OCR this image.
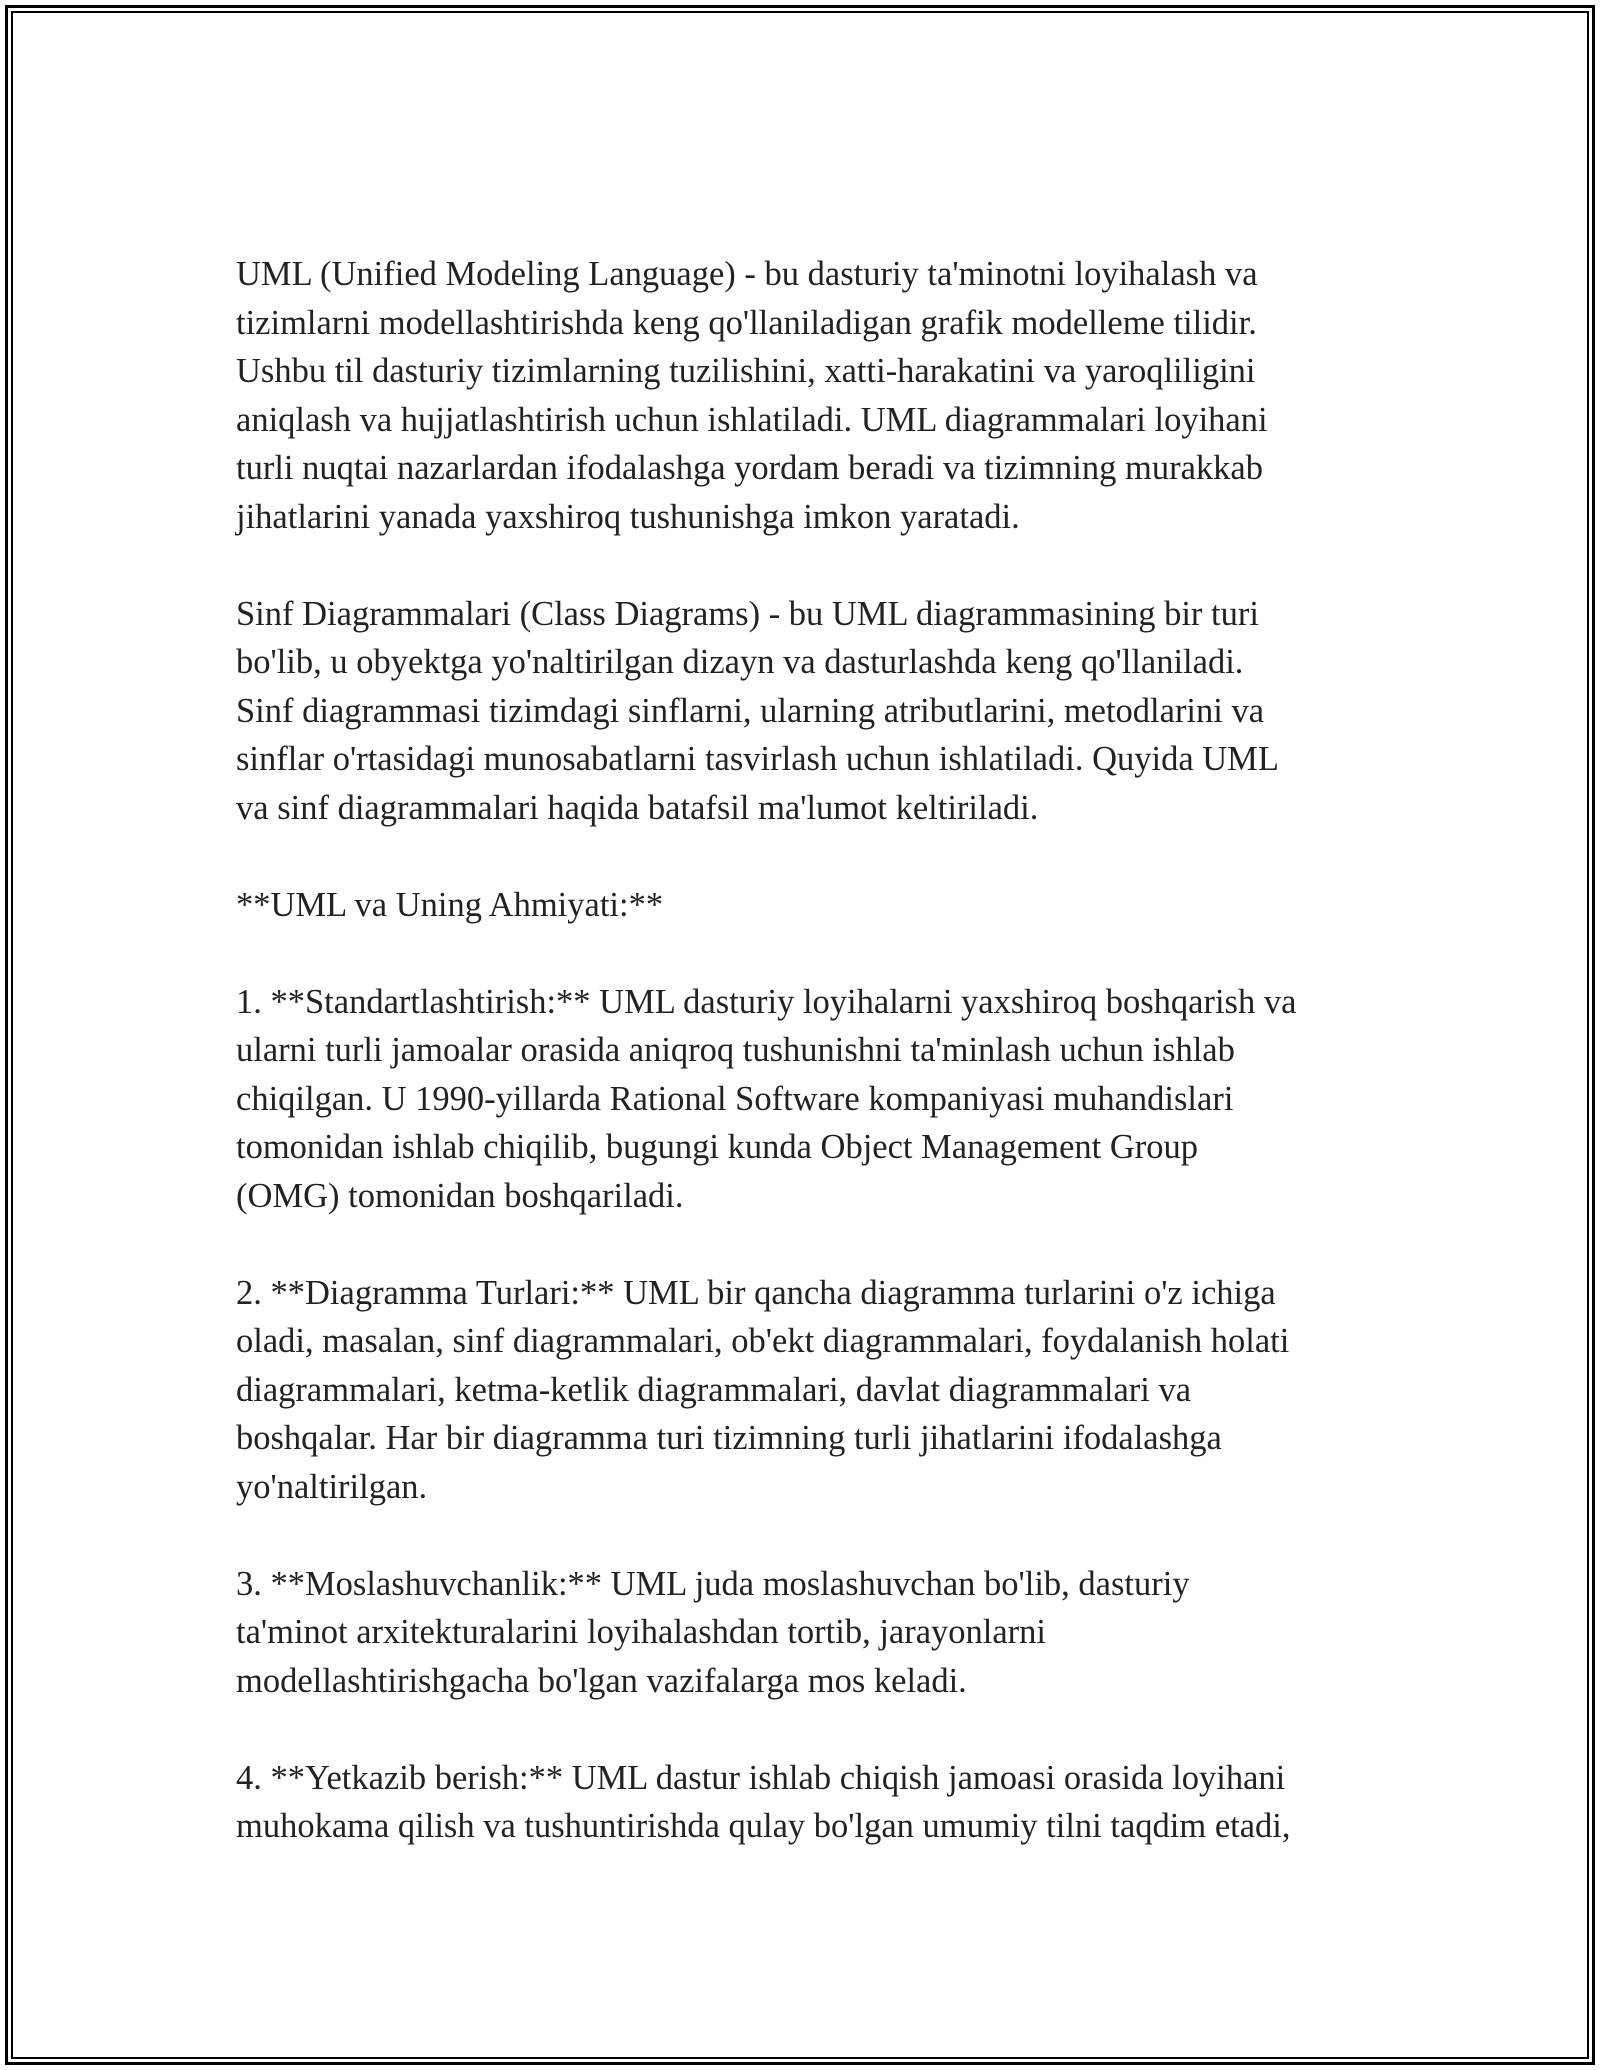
UML (Unified Modeling Language) - bu dasturiy ta'minotni loyihalash va
tizimlarni modellashtirishda keng qo'llaniladigan grafik modelleme tilidir.
Ushbu til dasturiy tizimlarning tuzilishini, xatti-harakatini va yaroqliligini
aniqlash va hujjatlashtirish uchun ishlatiladi. UML diagrammalari loyihani
turli nuqtai nazarlardan ifodalashga yordam beradi va tizimning murakkab
jihatlarini yanada yaxshiroq tushunishga imkon yaratadi.

Sinf Diagrammalari (Class Diagrams) - bu UML diagrammasining bir turi
bo'lib, u obyektga yo'naltirilgan dizayn va dasturlashda keng qo'llaniladi.
Sinf diagrammasi tizimdagi sinflarni, ularning atributlarini, metodlarini va
sinflar o'rtasidagi munosabatlarni tasvirlash uchun ishlatiladi. Quyida UML
va sinf diagrammalari haqida batafsil ma'lumot keltiriladi.

**UML va Uning Ahmiyati:**

1. **Standartlashtirish:** UML dasturiy loyihalarni yaxshiroq boshqarish va
ularni turli jamoalar orasida aniqroq tushunishni ta'minlash uchun ishlab
chiqilgan. U 1990-yillarda Rational Software kompaniyasi muhandislari
tomonidan ishlab chiqilib, bugungi kunda Object Management Group
(OMG) tomonidan boshqariladi.

2. **Diagramma Turlari:** UML bir qancha diagramma turlarini o'z ichiga
oladi, masalan, sinf diagrammalari, ob'ekt diagrammalari, foydalanish holati
diagrammalari, ketma-ketlik diagrammalari, davlat diagrammalari va
boshqalar. Har bir diagramma turi tizimning turli jihatlarini ifodalashga
yo'naltirilgan.

3. **Moslashuvchanlik:** UML juda moslashuvchan bo'lib, dasturiy
ta'minot arxitekturalarini loyihalashdan tortib, jarayonlarni
modellashtirishgacha bo'lgan vazifalarga mos keladi.

4. **Yetkazib berish:** UML dastur ishlab chiqish jamoasi orasida loyihani
muhokama qilish va tushuntirishda qulay bo'lgan umumiy tilni taqdim etadi,
